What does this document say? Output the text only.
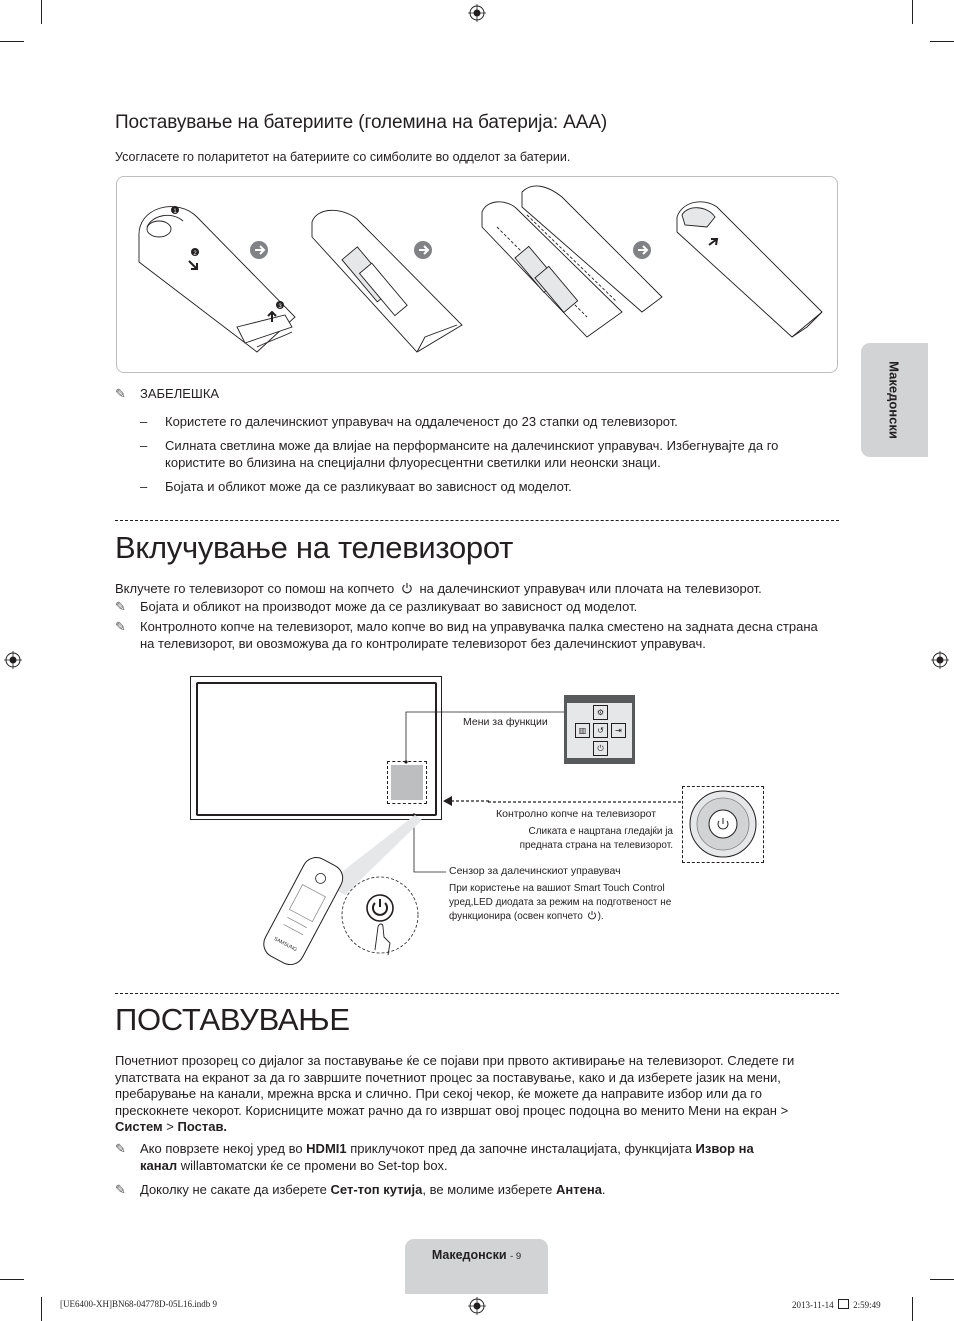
Поставување на батериите (големина на батерија: AAA)
Усогласете го поларитетот на батериите со симболите во одделот за батерии.
1
2
3
✎	ЗАБЕЛЕШКА
– Користете го далечинскиот управувач на оддалеченост до 23 стапки од телевизорот.
– Силната светлина може да влијае на перформансите на далечинскиот управувач. Избегнувајте да го користите во близина на специјални флуоресцентни светилки или неонски знаци.
– Бојата и обликот може да се разликуваат во зависност од моделот.
Вклучување на телевизорот
Вклучете го телевизорот со помош на копчето на далечинскиот управувач или плочата на телевизорот.
✎	Бојата и обликот на производот може да се разликуваат во зависност од моделот.
✎	Контролното копче на телевизорот, мало копче во вид на управувачка палка сместено на задната десна страна на телевизорот, ви овозможува да го контролирате телевизорот без далечинскиот управувач.
Мени за функции
⚙
▥	↺	⇥
⏻
Контролно копче на телевизорот
Сликата е нацртана гледајќи ја
предната страна на телевизорот.
Сензор за далечинскиот управувач
При користење на вашиот Smart Touch Control
уред,LED диодата за режим на подготвеност не
функционира (освен копчето ).
SAMSUNG
ПОСТАВУВАЊЕ
Почетниот прозорец со дијалог за поставување ќе се појави при првото активирање на телевизорот. Следете ги
упатствата на екранот за да го завршите почетниот процес за поставување, како и да изберете јазик на мени,
пребарување на канали, мрежна врска и слично. При секој чекор, ќе можете да направите избор или да го
прескокнете чекорот. Корисниците можат рачно да го извршат овој процес подоцна во менито Мени на екран >
Систем > Постав.
✎	Ако поврзете некој уред во HDMI1 приклучокот пред да започне инсталацијата, функцијата Извор на
канал willавтоматски ќе се промени во Set-top box.
✎	Доколку не сакате да изберете Сет-топ кутија, ве молиме изберете Антена.
Македонски
Македонски - 9
[UE6400-XH]BN68-04778D-05L16.indb 9	2013-11-14 2:59:49
